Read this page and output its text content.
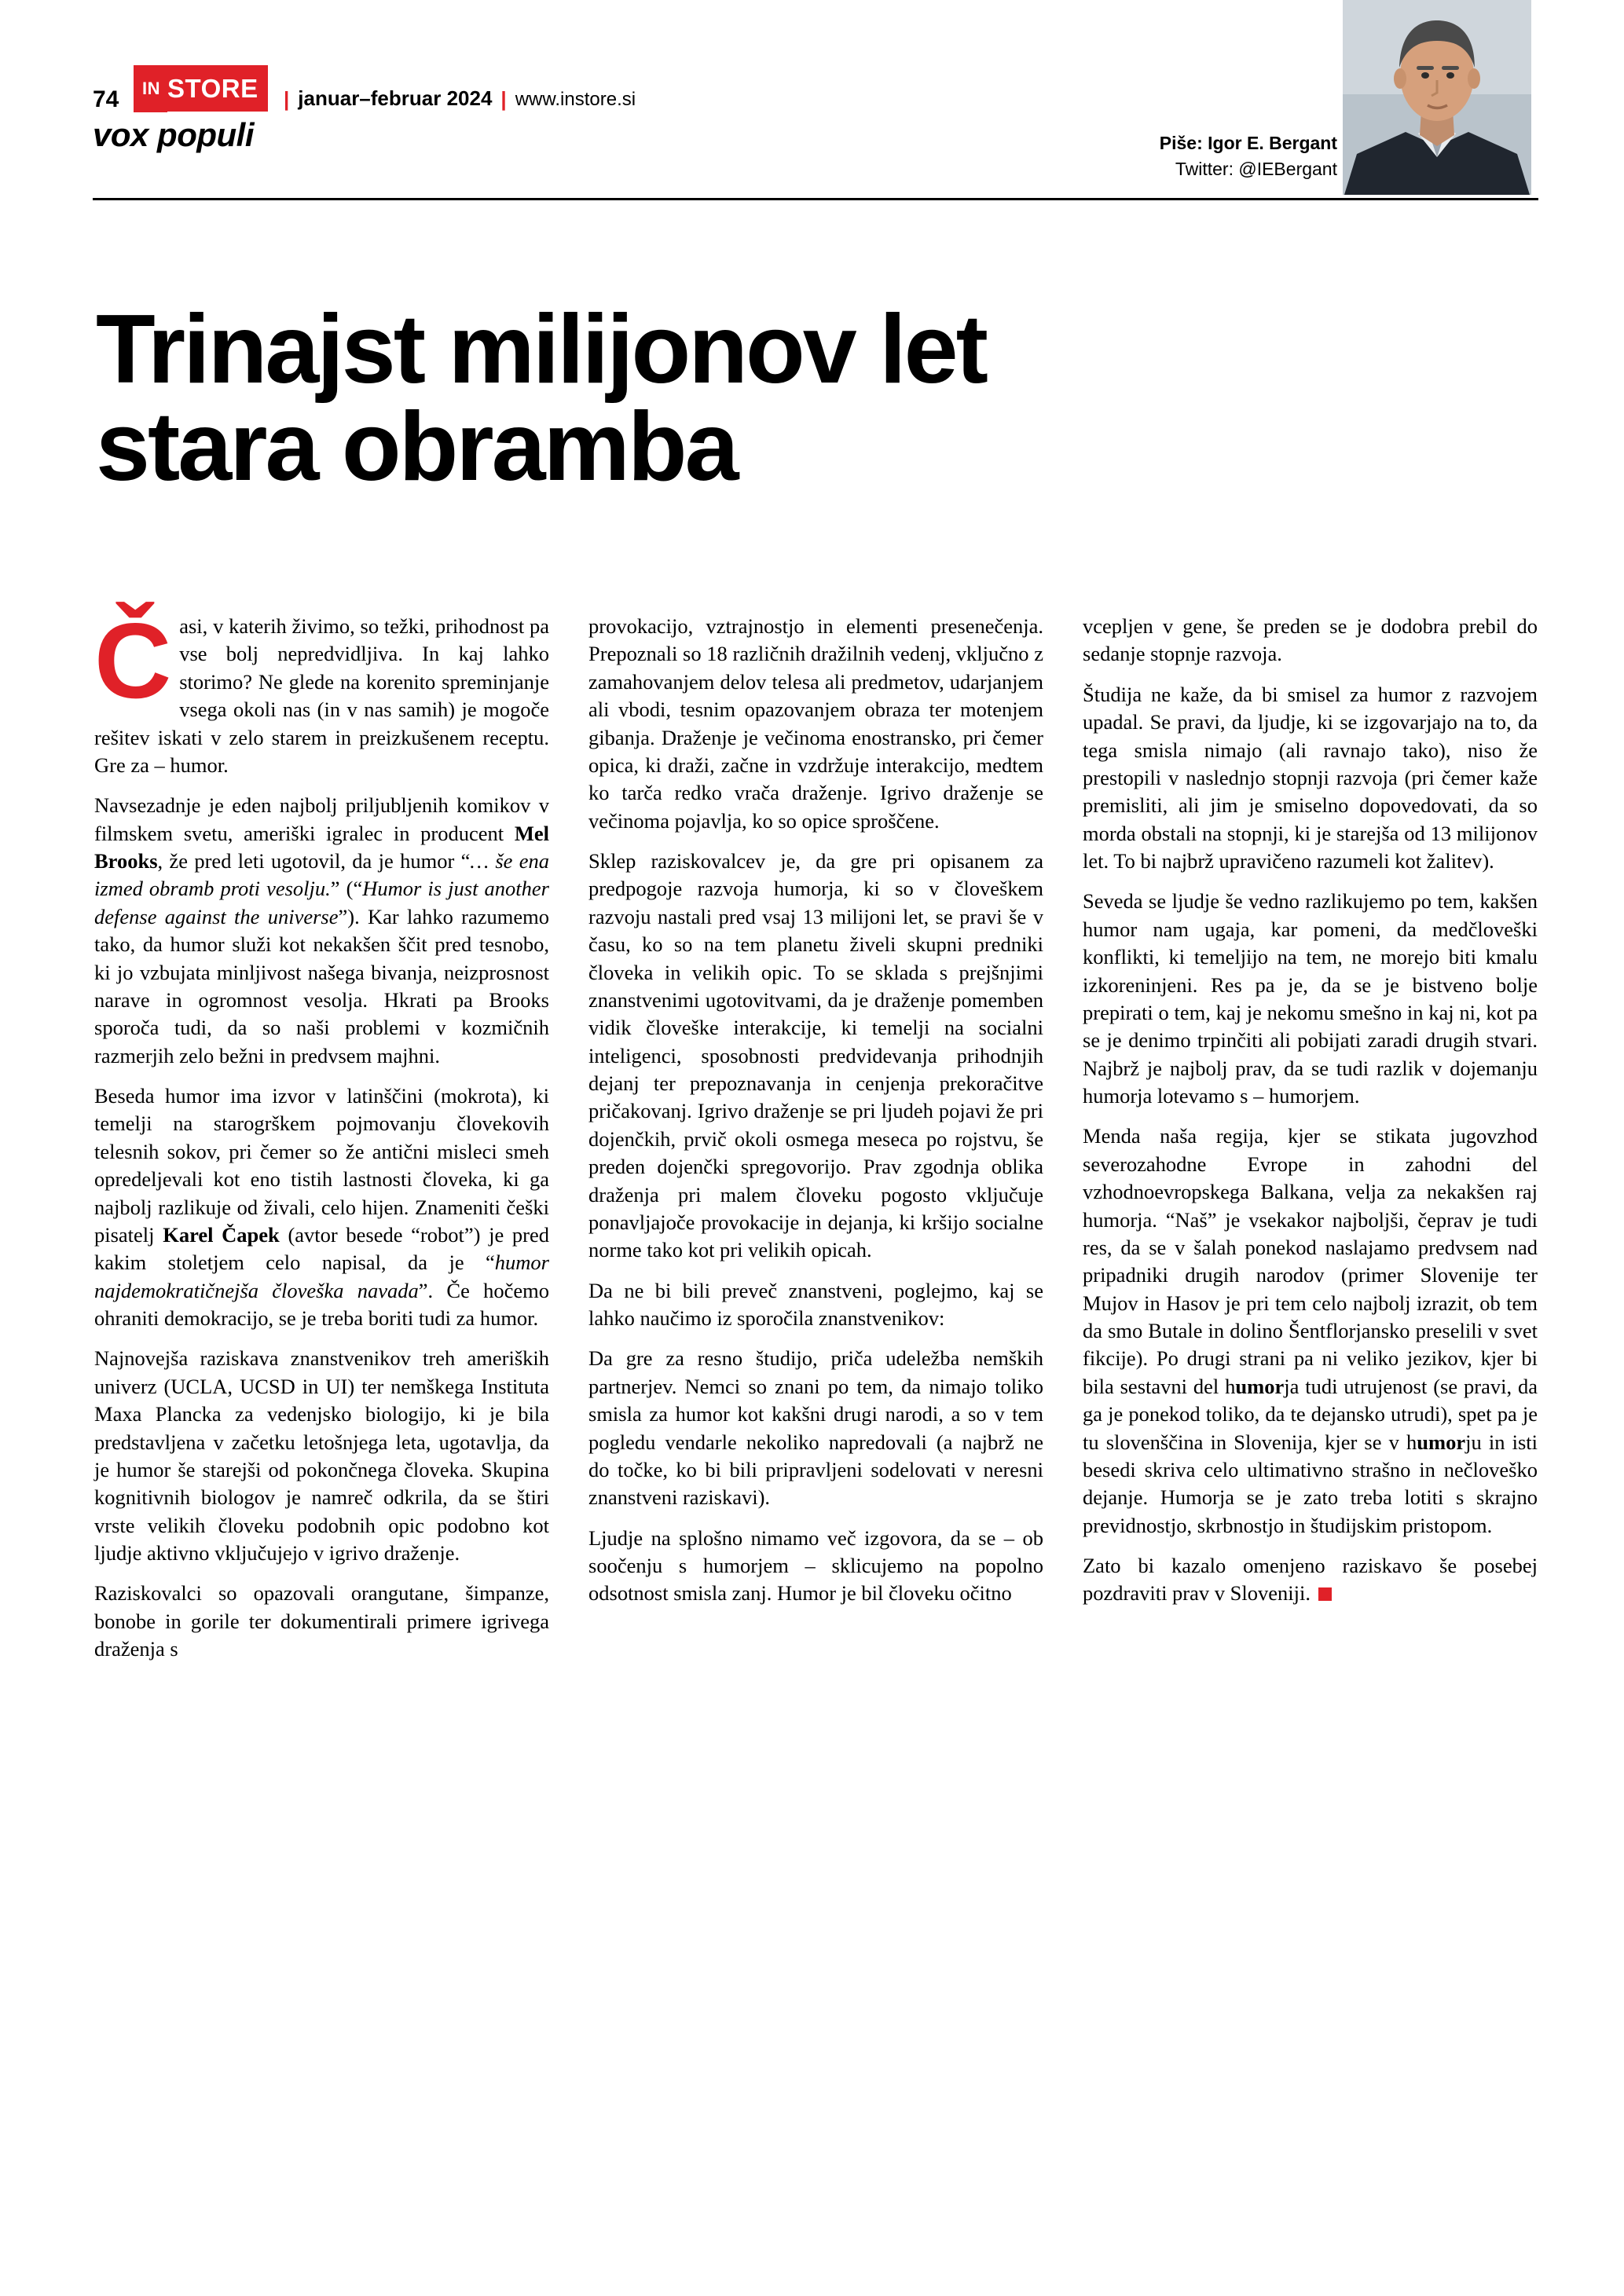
74	IN STORE	| januar–februar 2024 | www.instore.si
vox populi	Piše: Igor E. Bergant
Twitter: @IEBergant
Trinajst milijonov let
stara obramba

Časi, v katerih živimo, so težki, prihodnost pa vse bolj nepredvidljiva. In kaj lahko storimo? Ne glede na korenito spreminjanje vsega okoli nas (in v nas samih) je mogoče rešitev iskati v zelo starem in preizkušenem receptu. Gre za – humor.

Navsezadnje je eden najbolj priljubljenih komikov v filmskem svetu, ameriški igralec in producent Mel Brooks, že pred leti ugotovil, da je humor “… še ena izmed obramb proti vesolju.” (“Humor is just another defense against the universe”). Kar lahko razumemo tako, da humor služi kot nekakšen ščit pred tesnobo, ki jo vzbujata minljivost našega bivanja, neizprosnost narave in ogromnost vesolja. Hkrati pa Brooks sporoča tudi, da so naši problemi v kozmičnih razmerjih zelo bežni in predvsem majhni.

Beseda humor ima izvor v latinščini (mokrota), ki temelji na starogrškem pojmovanju človekovih telesnih sokov, pri čemer so že antični misleci smeh opredeljevali kot eno tistih lastnosti človeka, ki ga najbolj razlikuje od živali, celo hijen. Znameniti češki pisatelj Karel Čapek (avtor besede “robot”) je pred kakim stoletjem celo napisal, da je “humor najdemokratičnejša človeška navada”. Če hočemo ohraniti demokracijo, se je treba boriti tudi za humor.

Najnovejša raziskava znanstvenikov treh ameriških univerz (UCLA, UCSD in UI) ter nemškega Instituta Maxa Plancka za vedenjsko biologijo, ki je bila predstavljena v začetku letošnjega leta, ugotavlja, da je humor še starejši od pokončnega človeka. Skupina kognitivnih biologov je namreč odkrila, da se štiri vrste velikih človeku podobnih opic podobno kot ljudje aktivno vključujejo v igrivo draženje.

Raziskovalci so opazovali orangutane, šimpanze, bonobe in gorile ter dokumentirali primere igrivega draženja s

provokacijo, vztrajnostjo in elementi presenečenja. Prepoznali so 18 različnih dražilnih vedenj, vključno z zamahovanjem delov telesa ali predmetov, udarjanjem ali vbodi, tesnim opazovanjem obraza ter motenjem gibanja. Draženje je večinoma enostransko, pri čemer opica, ki draži, začne in vzdržuje interakcijo, medtem ko tarča redko vrača draženje. Igrivo draženje se večinoma pojavlja, ko so opice sproščene.

Sklep raziskovalcev je, da gre pri opisanem za predpogoje razvoja humorja, ki so v človeškem razvoju nastali pred vsaj 13 milijoni let, se pravi še v času, ko so na tem planetu živeli skupni predniki človeka in velikih opic. To se sklada s prejšnjimi znanstvenimi ugotovitvami, da je draženje pomemben vidik človeške interakcije, ki temelji na socialni inteligenci, sposobnosti predvidevanja prihodnjih dejanj ter prepoznavanja in cenjenja prekoračitve pričakovanj. Igrivo draženje se pri ljudeh pojavi že pri dojenčkih, prvič okoli osmega meseca po rojstvu, še preden dojenčki spregovorijo. Prav zgodnja oblika draženja pri malem človeku pogosto vključuje ponavljajoče provokacije in dejanja, ki kršijo socialne norme tako kot pri velikih opicah.

Da ne bi bili preveč znanstveni, poglejmo, kaj se lahko naučimo iz sporočila znanstvenikov:

Da gre za resno študijo, priča udeležba nemških partnerjev. Nemci so znani po tem, da nimajo toliko smisla za humor kot kakšni drugi narodi, a so v tem pogledu vendarle nekoliko napredovali (a najbrž ne do točke, ko bi bili pripravljeni sodelovati v neresni znanstveni raziskavi).

Ljudje na splošno nimamo več izgovora, da se – ob soočenju s humorjem – sklicujemo na popolno odsotnost smisla zanj. Humor je bil človeku očitno

vcepljen v gene, še preden se je dodobra prebil do sedanje stopnje razvoja.

Študija ne kaže, da bi smisel za humor z razvojem upadal. Se pravi, da ljudje, ki se izgovarjajo na to, da tega smisla nimajo (ali ravnajo tako), niso že prestopili v naslednjo stopnji razvoja (pri čemer kaže premisliti, ali jim je smiselno dopovedovati, da so morda obstali na stopnji, ki je starejša od 13 milijonov let. To bi najbrž upravičeno razumeli kot žalitev).

Seveda se ljudje še vedno razlikujemo po tem, kakšen humor nam ugaja, kar pomeni, da medčloveški konflikti, ki temeljijo na tem, ne morejo biti kmalu izkoreninjeni. Res pa je, da se je bistveno bolje prepirati o tem, kaj je nekomu smešno in kaj ni, kot pa se je denimo trpinčiti ali pobijati zaradi drugih stvari. Najbrž je najbolj prav, da se tudi razlik v dojemanju humorja lotevamo s – humorjem.

Menda naša regija, kjer se stikata jugovzhod severozahodne Evrope in zahodni del vzhodnoevropskega Balkana, velja za nekakšen raj humorja. “Naš” je vsekakor najboljši, čeprav je tudi res, da se v šalah ponekod naslajamo predvsem nad pripadniki drugih narodov (primer Slovenije ter Mujov in Hasov je pri tem celo najbolj izrazit, ob tem da smo Butale in dolino Šentflorjansko preselili v svet fikcije). Po drugi strani pa ni veliko jezikov, kjer bi bila sestavni del humorja tudi utrujenost (se pravi, da ga je ponekod toliko, da te dejansko utrudi), spet pa je tu slovenščina in Slovenija, kjer se v humorju in isti besedi skriva celo ultimativno strašno in nečloveško dejanje. Humorja se je zato treba lotiti s skrajno previdnostjo, skrbnostjo in študijskim pristopom.

Zato bi kazalo omenjeno raziskavo še posebej pozdraviti prav v Sloveniji.
